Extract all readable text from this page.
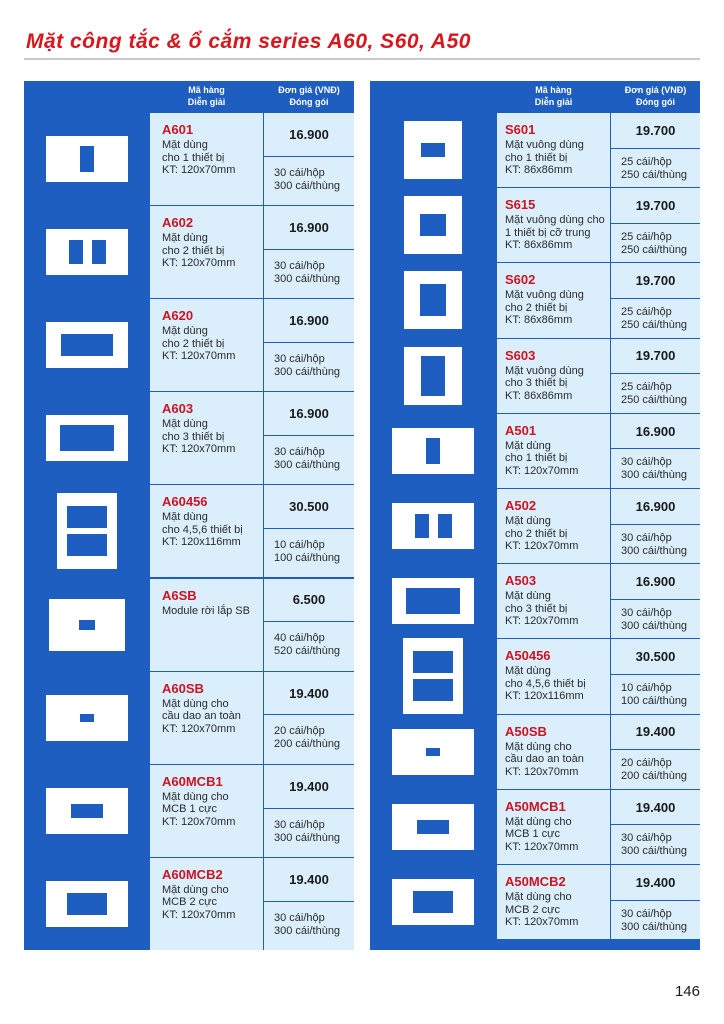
Mặt công tắc & ổ cắm series A60, S60, A50
Mã hàng
Diễn giải
Đơn giá (VNĐ)
Đóng gói
A601
Mặt dùng
cho 1 thiết bị
KT: 120x70mm
16.900
30 cái/hộp
300 cái/thùng
A602
Mặt dùng
cho 2 thiết bị
KT: 120x70mm
16.900
30 cái/hộp
300 cái/thùng
A620
Mặt dùng
cho 2 thiết bị
KT: 120x70mm
16.900
30 cái/hộp
300 cái/thùng
A603
Mặt dùng
cho 3 thiết bị
KT: 120x70mm
16.900
30 cái/hộp
300 cái/thùng
A60456
Mặt dùng
cho 4,5,6 thiết bị
KT: 120x116mm
30.500
10 cái/hộp
100 cái/thùng
A6SB
Module rời lắp SB
6.500
40 cái/hộp
520 cái/thùng
A60SB
Mặt dùng cho
cầu dao an toàn
KT: 120x70mm
19.400
20 cái/hộp
200 cái/thùng
A60MCB1
Mặt dùng cho
MCB 1 cực
KT: 120x70mm
19.400
30 cái/hộp
300 cái/thùng
A60MCB2
Mặt dùng cho
MCB 2 cực
KT: 120x70mm
19.400
30 cái/hộp
300 cái/thùng
Mã hàng
Diễn giải
Đơn giá (VNĐ)
Đóng gói
S601
Mặt vuông dùng
cho 1 thiết bị
KT: 86x86mm
19.700
25 cái/hộp
250 cái/thùng
S615
Mặt vuông dùng cho
1 thiết bị cỡ trung
KT: 86x86mm
19.700
25 cái/hộp
250 cái/thùng
S602
Mặt vuông dùng
cho 2 thiết bị
KT: 86x86mm
19.700
25 cái/hộp
250 cái/thùng
S603
Mặt vuông dùng
cho 3 thiết bị
KT: 86x86mm
19.700
25 cái/hộp
250 cái/thùng
A501
Mặt dùng
cho 1 thiết bị
KT: 120x70mm
16.900
30 cái/hộp
300 cái/thùng
A502
Mặt dùng
cho 2 thiết bị
KT: 120x70mm
16.900
30 cái/hộp
300 cái/thùng
A503
Mặt dùng
cho 3 thiết bị
KT: 120x70mm
16.900
30 cái/hộp
300 cái/thùng
A50456
Mặt dùng
cho 4,5,6 thiết bị
KT: 120x116mm
30.500
10 cái/hộp
100 cái/thùng
A50SB
Mặt dùng cho
cầu dao an toàn
KT: 120x70mm
19.400
20 cái/hộp
200 cái/thùng
A50MCB1
Mặt dùng cho
MCB 1 cực
KT: 120x70mm
19.400
30 cái/hộp
300 cái/thùng
A50MCB2
Mặt dùng cho
MCB 2 cực
KT: 120x70mm
19.400
30 cái/hộp
300 cái/thùng
146
